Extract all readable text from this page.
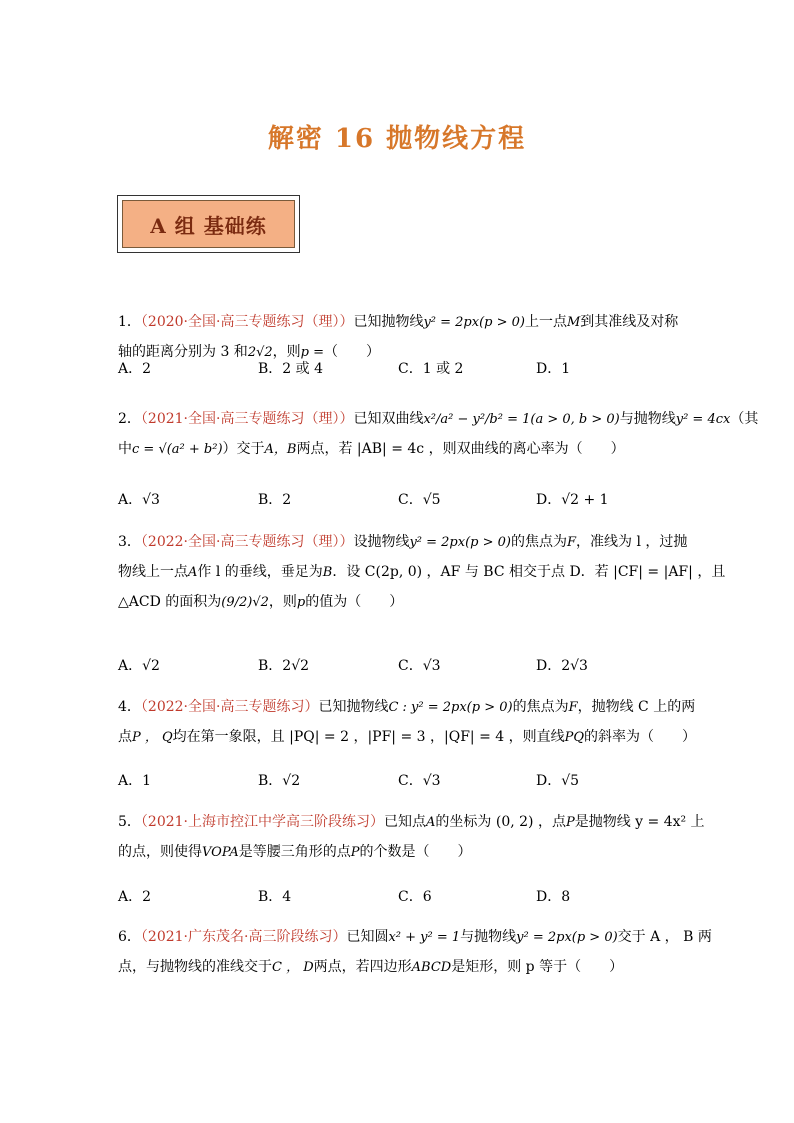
解密 16 抛物线方程
A 组 基础练
1．（2020·全国·高三专题练习（理））已知抛物线y² = 2px(p > 0)上一点M到其准线及对称
轴的距离分别为 3 和2√2，则p =（　　）
A．2	B．2 或 4	C．1 或 2	D．1
2．（2021·全国·高三专题练习（理））已知双曲线x²/a² − y²/b² = 1(a > 0, b > 0)与抛物线y² = 4cx（其
中c = √(a² + b²)）交于A，B两点，若 |AB| = 4c ，则双曲线的离心率为（　　）
A．√3	B．2	C．√5	D．√2 + 1
3．（2022·全国·高三专题练习（理））设抛物线y² = 2px(p > 0)的焦点为F，准线为 l ，过抛
物线上一点A作 l 的垂线，垂足为B．设 C(2p, 0) ，AF 与 BC 相交于点 D．若 |CF| = |AF| ，且
△ACD 的面积为(9/2)√2，则p的值为（　　）
A．√2	B．2√2	C．√3	D．2√3
4．（2022·全国·高三专题练习）已知抛物线C : y² = 2px(p > 0)的焦点为F，抛物线 C 上的两
点P ， Q均在第一象限，且 |PQ| = 2 ，|PF| = 3 ，|QF| = 4 ，则直线PQ的斜率为（　　）
A．1	B．√2	C．√3	D．√5
5．（2021·上海市控江中学高三阶段练习）已知点A的坐标为 (0, 2) ，点P是抛物线 y = 4x² 上
的点，则使得VOPA是等腰三角形的点P的个数是（　　）
A．2	B．4	C．6	D．8
6．（2021·广东茂名·高三阶段练习）已知圆x² + y² = 1与抛物线y² = 2px(p > 0)交于 A ， B 两
点，与抛物线的准线交于C ， D两点，若四边形ABCD是矩形，则 p 等于（　　）
